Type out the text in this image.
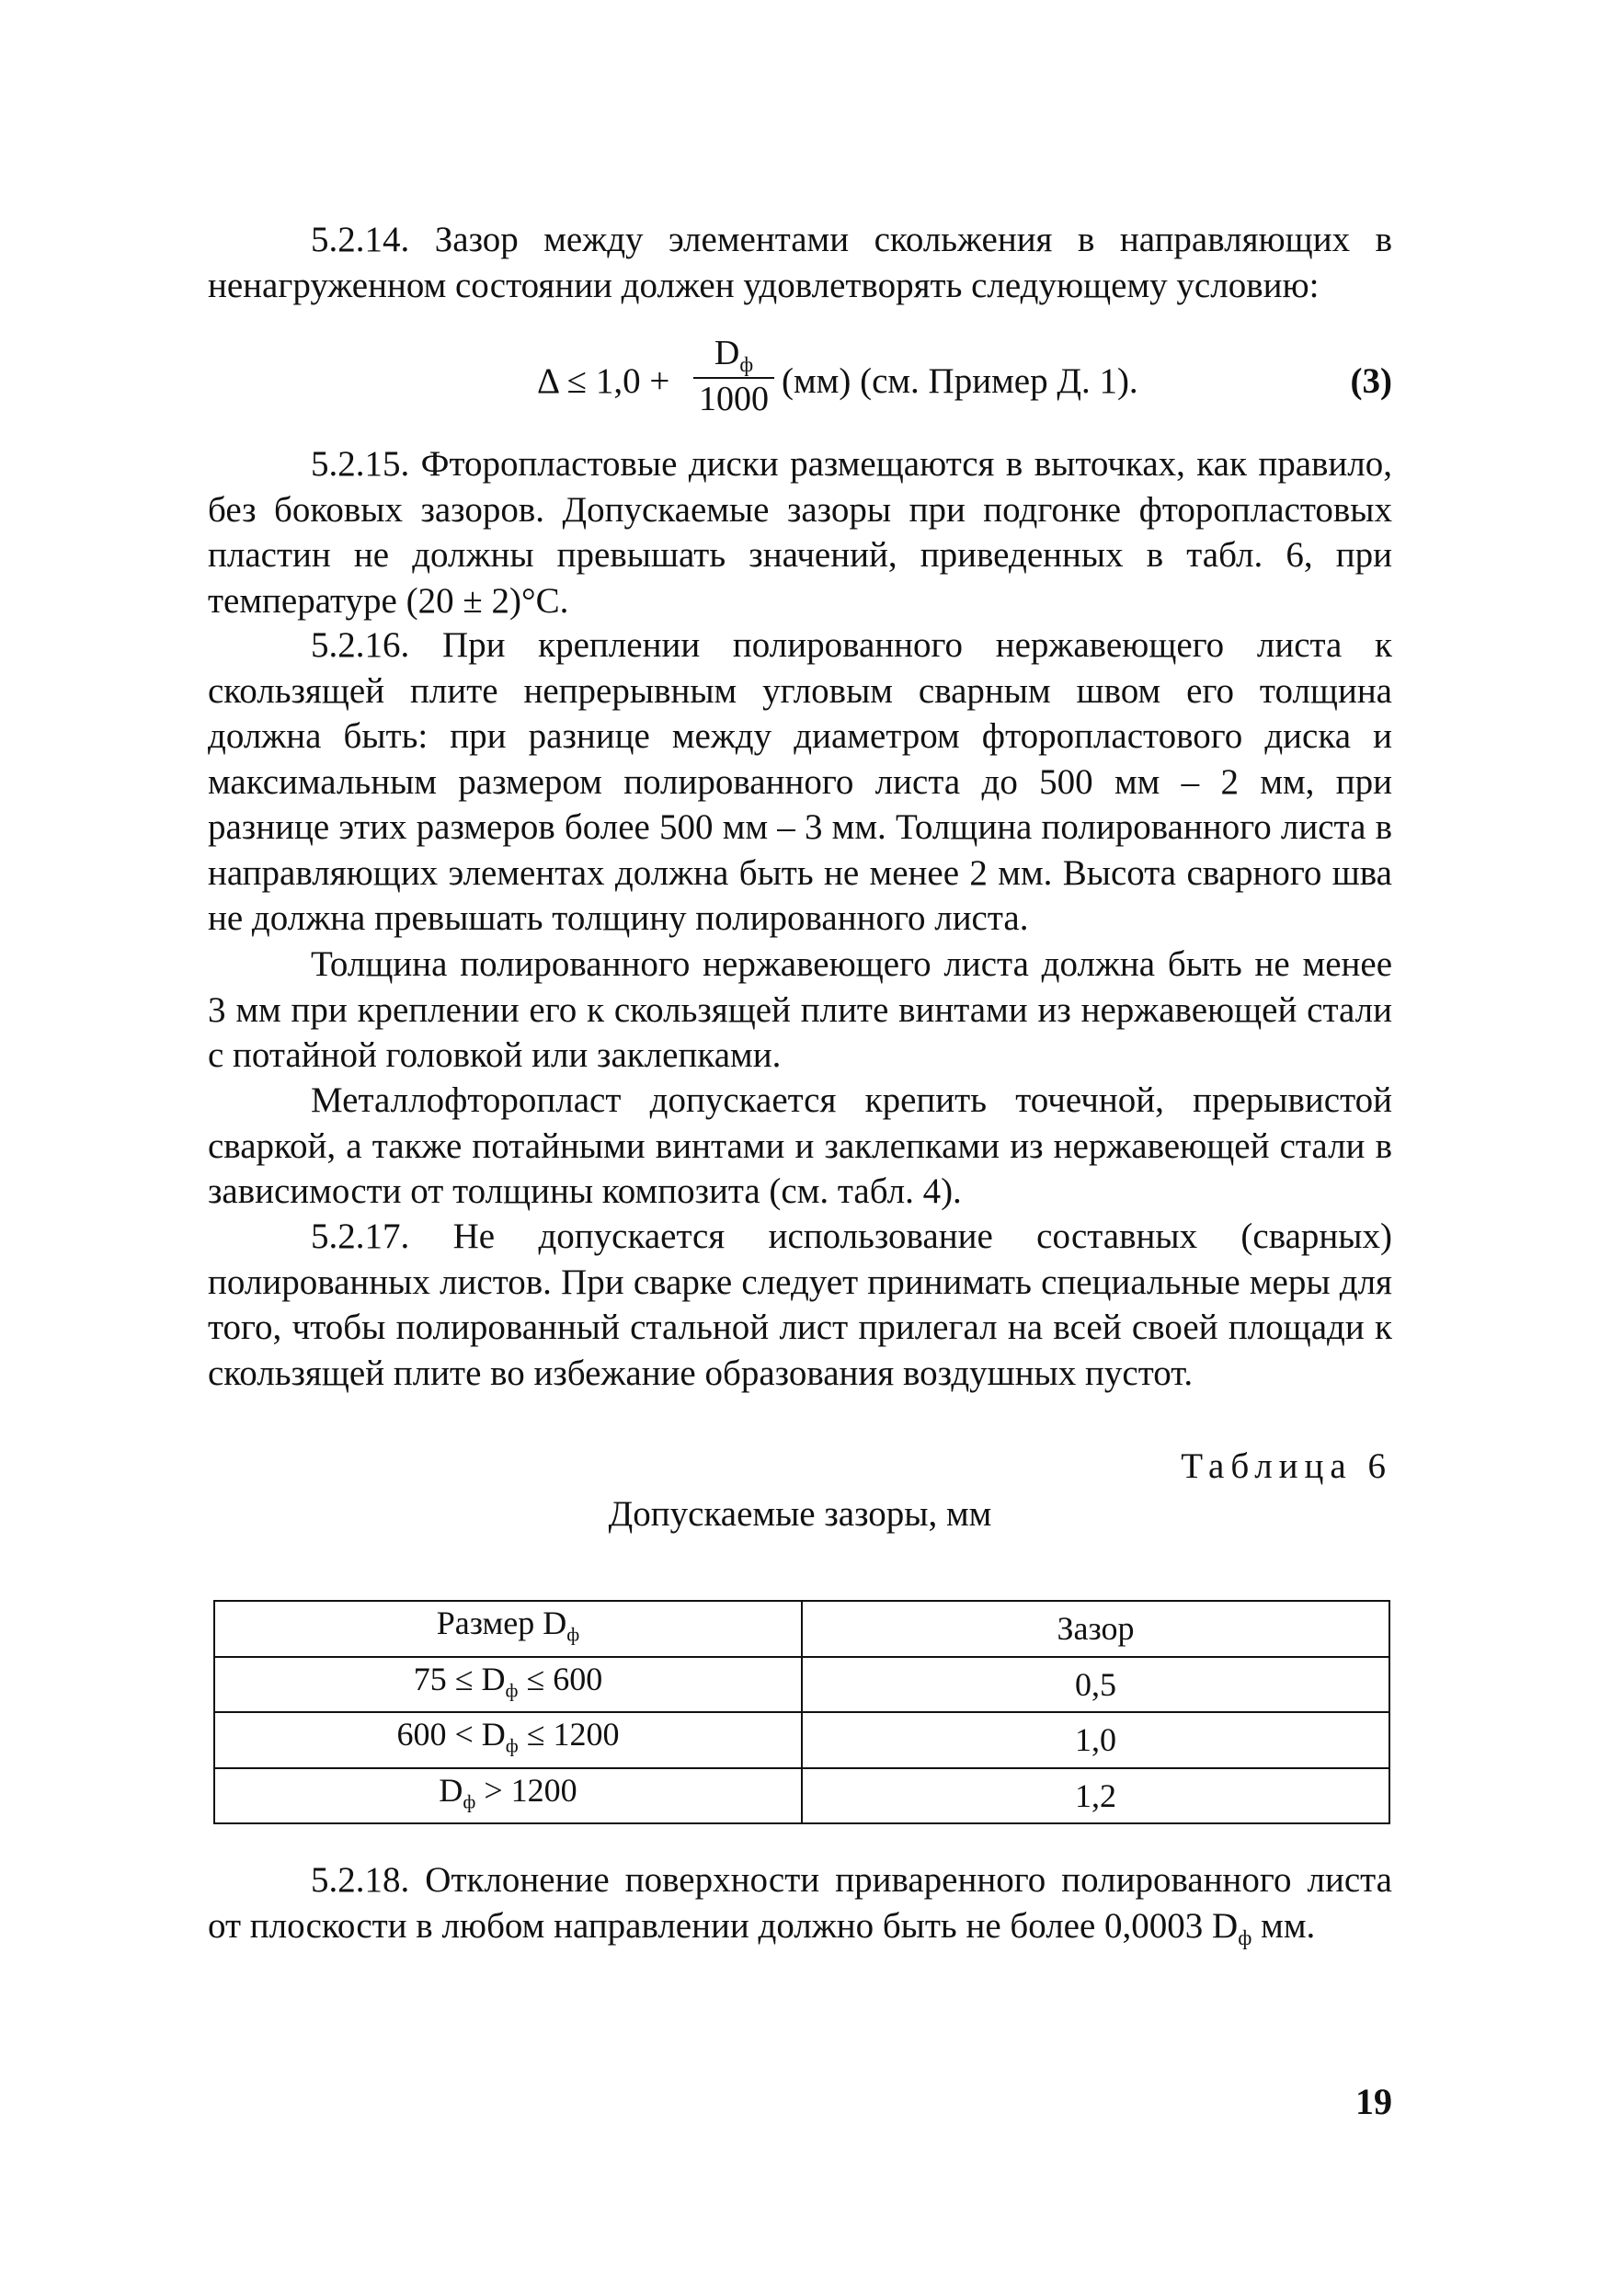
5.2.14. Зазор между элементами скольжения в направляющих в ненагруженном состоянии должен удовлетворять следующему условию:

Δ ≤ 1,0 +
$D_ф$
1000 (мм) (см. Пример Д. 1).	(3)

5.2.15. Фторопластовые диски размещаются в выточках, как правило, без боковых зазоров. Допускаемые зазоры при подгонке фторопластовых пластин не должны превышать значений, приведенных в табл. 6, при температуре (20 ± 2)°С.

5.2.16. При креплении полированного нержавеющего листа к скользящей плите непрерывным угловым сварным швом его толщина должна быть: при разнице между диаметром фторопластового диска и максимальным размером полированного листа до 500 мм – 2 мм, при разнице этих размеров более 500 мм – 3 мм. Толщина полированного листа в направляющих элементах должна быть не менее 2 мм. Высота сварного шва не должна превышать толщину полированного листа.

Толщина полированного нержавеющего листа должна быть не менее 3 мм при креплении его к скользящей плите винтами из нержавеющей стали с потайной головкой или заклепками.

Металлофторопласт допускается крепить точечной, прерывистой сваркой, а также потайными винтами и заклепками из нержавеющей стали в зависимости от толщины композита (см. табл. 4).

5.2.17. Не допускается использование составных (сварных) полированных листов. При сварке следует принимать специальные меры для того, чтобы полированный стальной лист прилегал на всей своей площади к скользящей плите во избежание образования воздушных пустот.

Таблица 6
Допускаемые зазоры, мм
Размер $D_ф$	Зазор
$75 \le D_ф \le 600$	0,5
$600 < D_ф \le 1200$	1,0
$D_ф > 1200$	1,2

5.2.18. Отклонение поверхности приваренного полированного листа от плоскости в любом направлении должно быть не более 0,0003 $D_ф$ мм.

19
